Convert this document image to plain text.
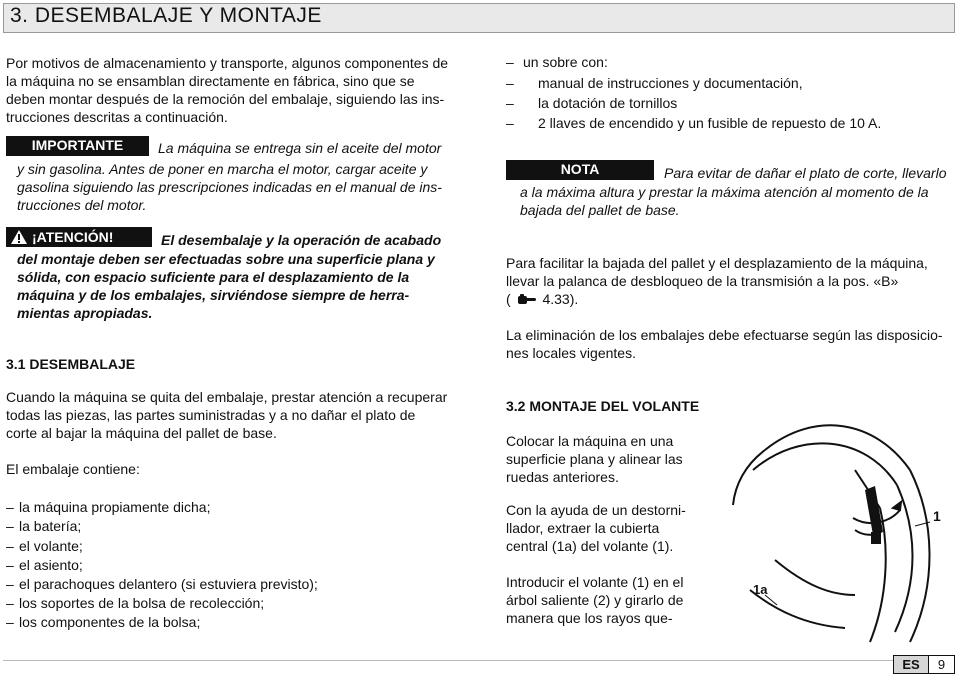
3. DESEMBALAJE Y MONTAJE

Por motivos de almacenamiento y transporte, algunos componentes de

la máquina no se ensamblan directamente en fábrica, sino que se

deben montar después de la remoción del embalaje, siguiendo las ins-

trucciones descritas a continuación.

IMPORTANTE	La máquina se entrega sin el aceite del motor

y sin gasolina. Antes de poner en marcha el motor, cargar aceite y

gasolina siguiendo las prescripciones indicadas en el manual de ins-

trucciones del motor.

¡ATENCIÓN!	El desembalaje y la operación de acabado

del montaje deben ser efectuadas sobre una superficie plana y

sólida, con espacio suficiente para el desplazamiento de la

máquina y de los embalajes, sirviéndose siempre de herra-

mientas apropiadas.

3.1 DESEMBALAJE

Cuando la máquina se quita del embalaje, prestar atención a recuperar

todas las piezas, las partes suministradas y a no dañar el plato de

corte al bajar la máquina del pallet de base.

El embalaje contiene:
– la máquina propiamente dicha;
– la batería;
– el volante;
– el asiento;
– el parachoques delantero (si estuviera previsto);
– los soportes de la bolsa de recolección;
– los componentes de la bolsa;
– un sobre con:
– manual de instrucciones y documentación,
– la dotación de tornillos
– 2 llaves de encendido y un fusible de repuesto de 10 A.
NOTA	Para evitar de dañar el plato de corte, llevarlo

a la máxima altura y prestar la máxima atención al momento de la

bajada del pallet de base.

Para facilitar la bajada del pallet y el desplazamiento de la máquina,

llevar la palanca de desbloqueo de la transmisión a la pos. «B»

( 4.33).

La eliminación de los embalajes debe efectuarse según las disposicio-

nes locales vigentes.

3.2 MONTAJE DEL VOLANTE

Colocar la máquina en una

superficie plana y alinear las

ruedas anteriores.

Con la ayuda de un destorni-

llador, extraer la cubierta

central (1a) del volante (1).

Introducir el volante (1) en el

árbol saliente (2) y girarlo de

manera que los rayos que-

1
1a
ES	9
